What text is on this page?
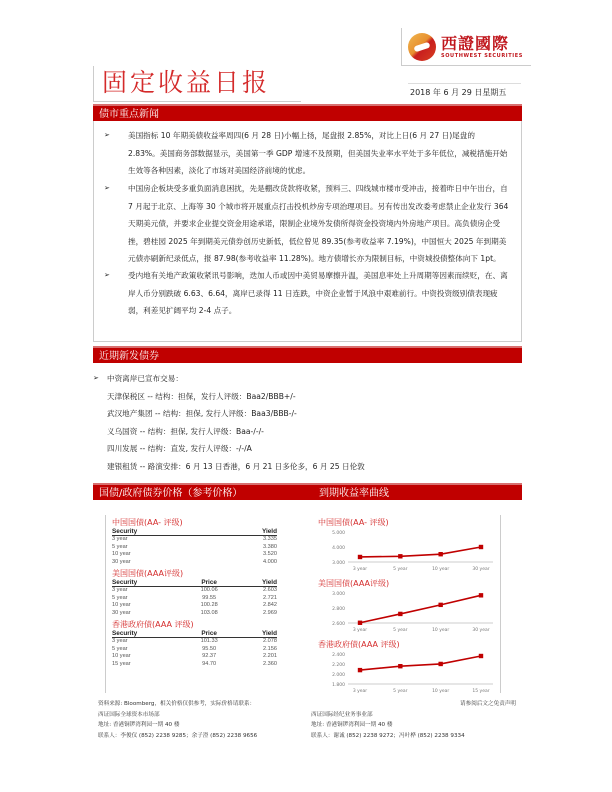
西證國際
SOUTHWEST SECURITIES
固定收益日报	2018 年 6 月 29 日星期五
债市重点新闻
➢	美国指标 10 年期美债收益率周四(6 月 28 日)小幅上扬，尾盘报 2.85%，对比上日(6 月 27 日)尾盘的 2.83%。美国商务部数据显示，美国第一季 GDP 增速不及预期，但美国失业率水平处于多年低位，减税措施开始生效等各种因素，淡化了市场对美国经济前境的忧虑。
➢	中国房企板块受多重负面消息困扰，先是棚改货款将收紧，预料三、四线城市楼市受冲击，接着昨日中午出台，自 7 月起于北京、上海等 30 个城市将开展重点打击投机炒房专项治理项目。另有传出发改委考虑禁止企业发行 364 天期美元债，并要求企业提交资金用途承诺，限制企业境外发债所得资金投资境内外房地产项目。高负债房企受挫，碧桂园 2025 年到期美元债券创历史新低，低位曾见 89.35(参考收益率 7.19%)，中国恒大 2025 年到期美元债亦刷新纪录低点，报 87.98(参考收益率 11.28%)。地方债增长亦为限制目标，中资城投债整体向下 1pt。
➢	受内地有关地产政策收紧讯号影响，迭加人币或因中美贸易摩擦升温，美国息率处上升周期等因素而续贬，在、离岸人币分别跌破 6.63、6.64，离岸已录得 11 日连跌，中资企业暂于风浪中艰难前行。中资投资级别债表现疲弱，利差见扩阔平均 2-4 点子。
近期新发债券
➢	中资离岸已宣布交易：
天津保税区 -- 结构：担保，发行人评级：Baa2/BBB+/-
武汉地产集团 -- 结构：担保, 发行人评级：Baa3/BBB-/-
义乌国资 -- 结构：担保, 发行人评级：Baa-/-/-
四川发展 -- 结构：直发, 发行人评级：-/-/A
建银租赁 -- 路演安排：6 月 13 日香港，6 月 21 日多伦多，6 月 25 日伦敦
国债/政府债券价格（参考价格）	到期收益率曲线
中国国债(AA- 评级)
Security		Yield
3 year		3.335
5 year		3.380
10 year		3.520
30 year		4.000
美国国债(AAA评级)
Security	Price	Yield
3 year	100.06	2.603
5 year	99.55	2.721
10 year	100.28	2.842
30 year	103.08	2.969
香港政府债(AAA 评级)
Security	Price	Yield
3 year	101.33	2.078
5 year	95.50	2.156
10 year	92.37	2.201
15 year	94.70	2.360
中国国债(AA- 评级)
3.000
4.000
5.000
3 year	5 year	10 year	30 year
美国国债(AAA评级)
2.600
2.800
3.000
3 year	5 year	10 year	30 year
香港政府债(AAA 评级)
1.800
2.000
2.200
2.400
3 year	5 year	10 year	15 year
资料来源: Bloomberg，相关价格仅供参考，实际价格请联系：	请参阅后文之免责声明
西证国际全球资本市场部
地址: 香港铜锣湾利园一期 40 楼
联系人：李俊仪 (852) 2238 9285；余子澄 (852) 2238 9656
西证国际经纪业务事业部
地址: 香港铜锣湾利园一期 40 楼
联系人：谢诚 (852) 2238 9272；冯叶桦 (852) 2238 9334
